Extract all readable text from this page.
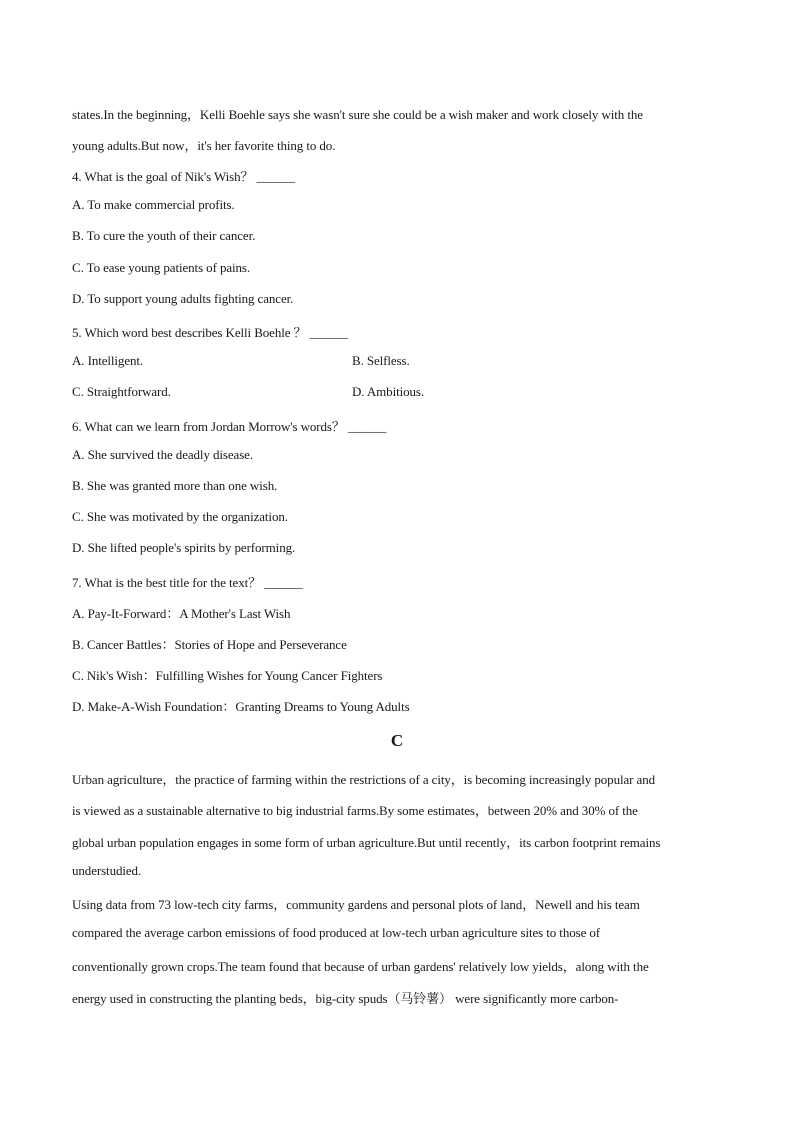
states.In the beginning，Kelli Boehle says she wasn't sure she could be a wish maker and work closely with the
young adults.But now，it's her favorite thing to do.
4. What is the goal of Nik's Wish？ ______
A. To make commercial profits.
B. To cure the youth of their cancer.
C. To ease young patients of pains.
D. To support young adults fighting cancer.
5. Which word best describes Kelli Boehle ？ ______
A. Intelligent.	B. Selfless.
C. Straightforward.	D. Ambitious.
6. What can we learn from Jordan Morrow's words？ ______
A. She survived the deadly disease.
B. She was granted more than one wish.
C. She was motivated by the organization.
D. She lifted people's spirits by performing.
7. What is the best title for the text？ ______
A. Pay-It-Forward：A Mother's Last Wish
B. Cancer Battles：Stories of Hope and Perseverance
C. Nik's Wish：Fulfilling Wishes for Young Cancer Fighters
D. Make-A-Wish Foundation：Granting Dreams to Young Adults
C
Urban agriculture，the practice of farming within the restrictions of a city，is becoming increasingly popular and
is viewed as a sustainable alternative to big industrial farms.By some estimates，between 20% and 30% of the
global urban population engages in some form of urban agriculture.But until recently，its carbon footprint remains
understudied.
Using data from 73 low-tech city farms，community gardens and personal plots of land，Newell and his team
compared the average carbon emissions of food produced at low-tech urban agriculture sites to those of
conventionally grown crops.The team found that because of urban gardens' relatively low yields，along with the
energy used in constructing the planting beds，big-city spuds（马铃薯） were significantly more carbon-
